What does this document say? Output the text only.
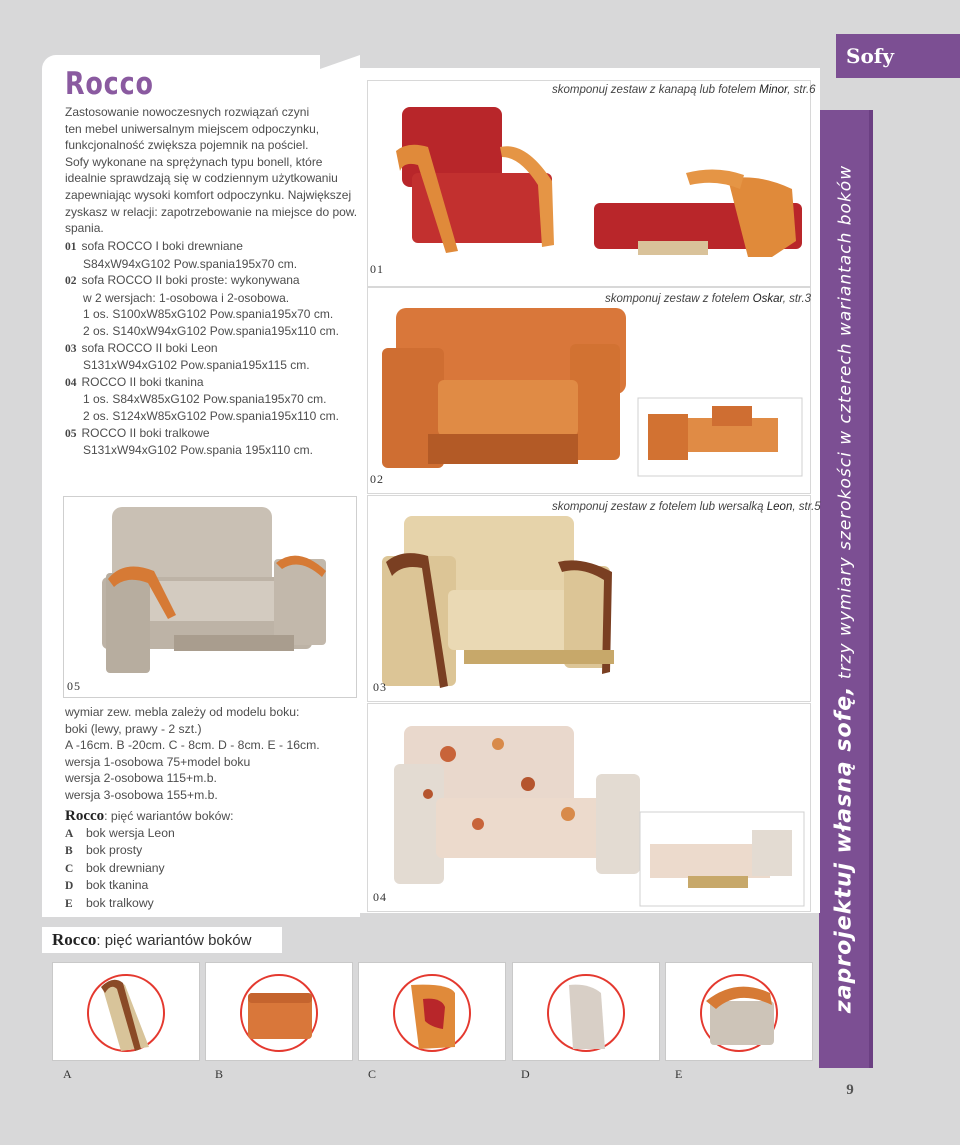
Sofy
zaprojektuj własną sofę, trzy wymiary szerokości w czterech wariantach boków
9
Rocco

Zastosowanie nowoczesnych rozwiązań czyni

ten mebel uniwersalnym miejscem odpoczynku,

funkcjonalność zwiększa pojemnik na pościel.

Sofy wykonane na sprężynach typu bonell, które

idealnie sprawdzają się w codziennym użytkowaniu

zapewniając wysoki komfort odpoczynku. Największej

zyskasz w relacji: zapotrzebowanie na miejsce do pow.

spania.

01 sofa ROCCO I boki drewniane

S84xW94xG102 Pow.spania195x70 cm.

02 sofa ROCCO II boki proste: wykonywana

w 2 wersjach: 1-osobowa i 2-osobowa.

1 os. S100xW85xG102 Pow.spania195x70 cm.

2 os. S140xW94xG102 Pow.spania195x110 cm.

03 sofa ROCCO II boki Leon

S131xW94xG102 Pow.spania195x115 cm.

04 ROCCO II boki tkanina

1 os. S84xW85xG102 Pow.spania195x70 cm.

2 os. S124xW85xG102 Pow.spania195x110 cm.

05 ROCCO II boki tralkowe

S131xW94xG102 Pow.spania 195x110 cm.

05

wymiar zew. mebla zależy od modelu boku:

boki (lewy, prawy - 2 szt.)

A -16cm. B -20cm. C - 8cm. D - 8cm. E - 16cm.

wersja 1-osobowa 75+model boku

wersja 2-osobowa 115+m.b.

wersja 3-osobowa 155+m.b.

Rocco: pięć wariantów boków:

A bok wersja Leon

B bok prosty

C bok drewniany

D bok tkanina

E bok tralkowy

skomponuj zestaw z kanapą lub fotelem Minor, str.6
01
skomponuj zestaw z fotelem Oskar, str.3
02
skomponuj zestaw z fotelem lub wersalką Leon, str.5
03
04
Rocco: pięć wariantów boków
A	B	C	D	E
